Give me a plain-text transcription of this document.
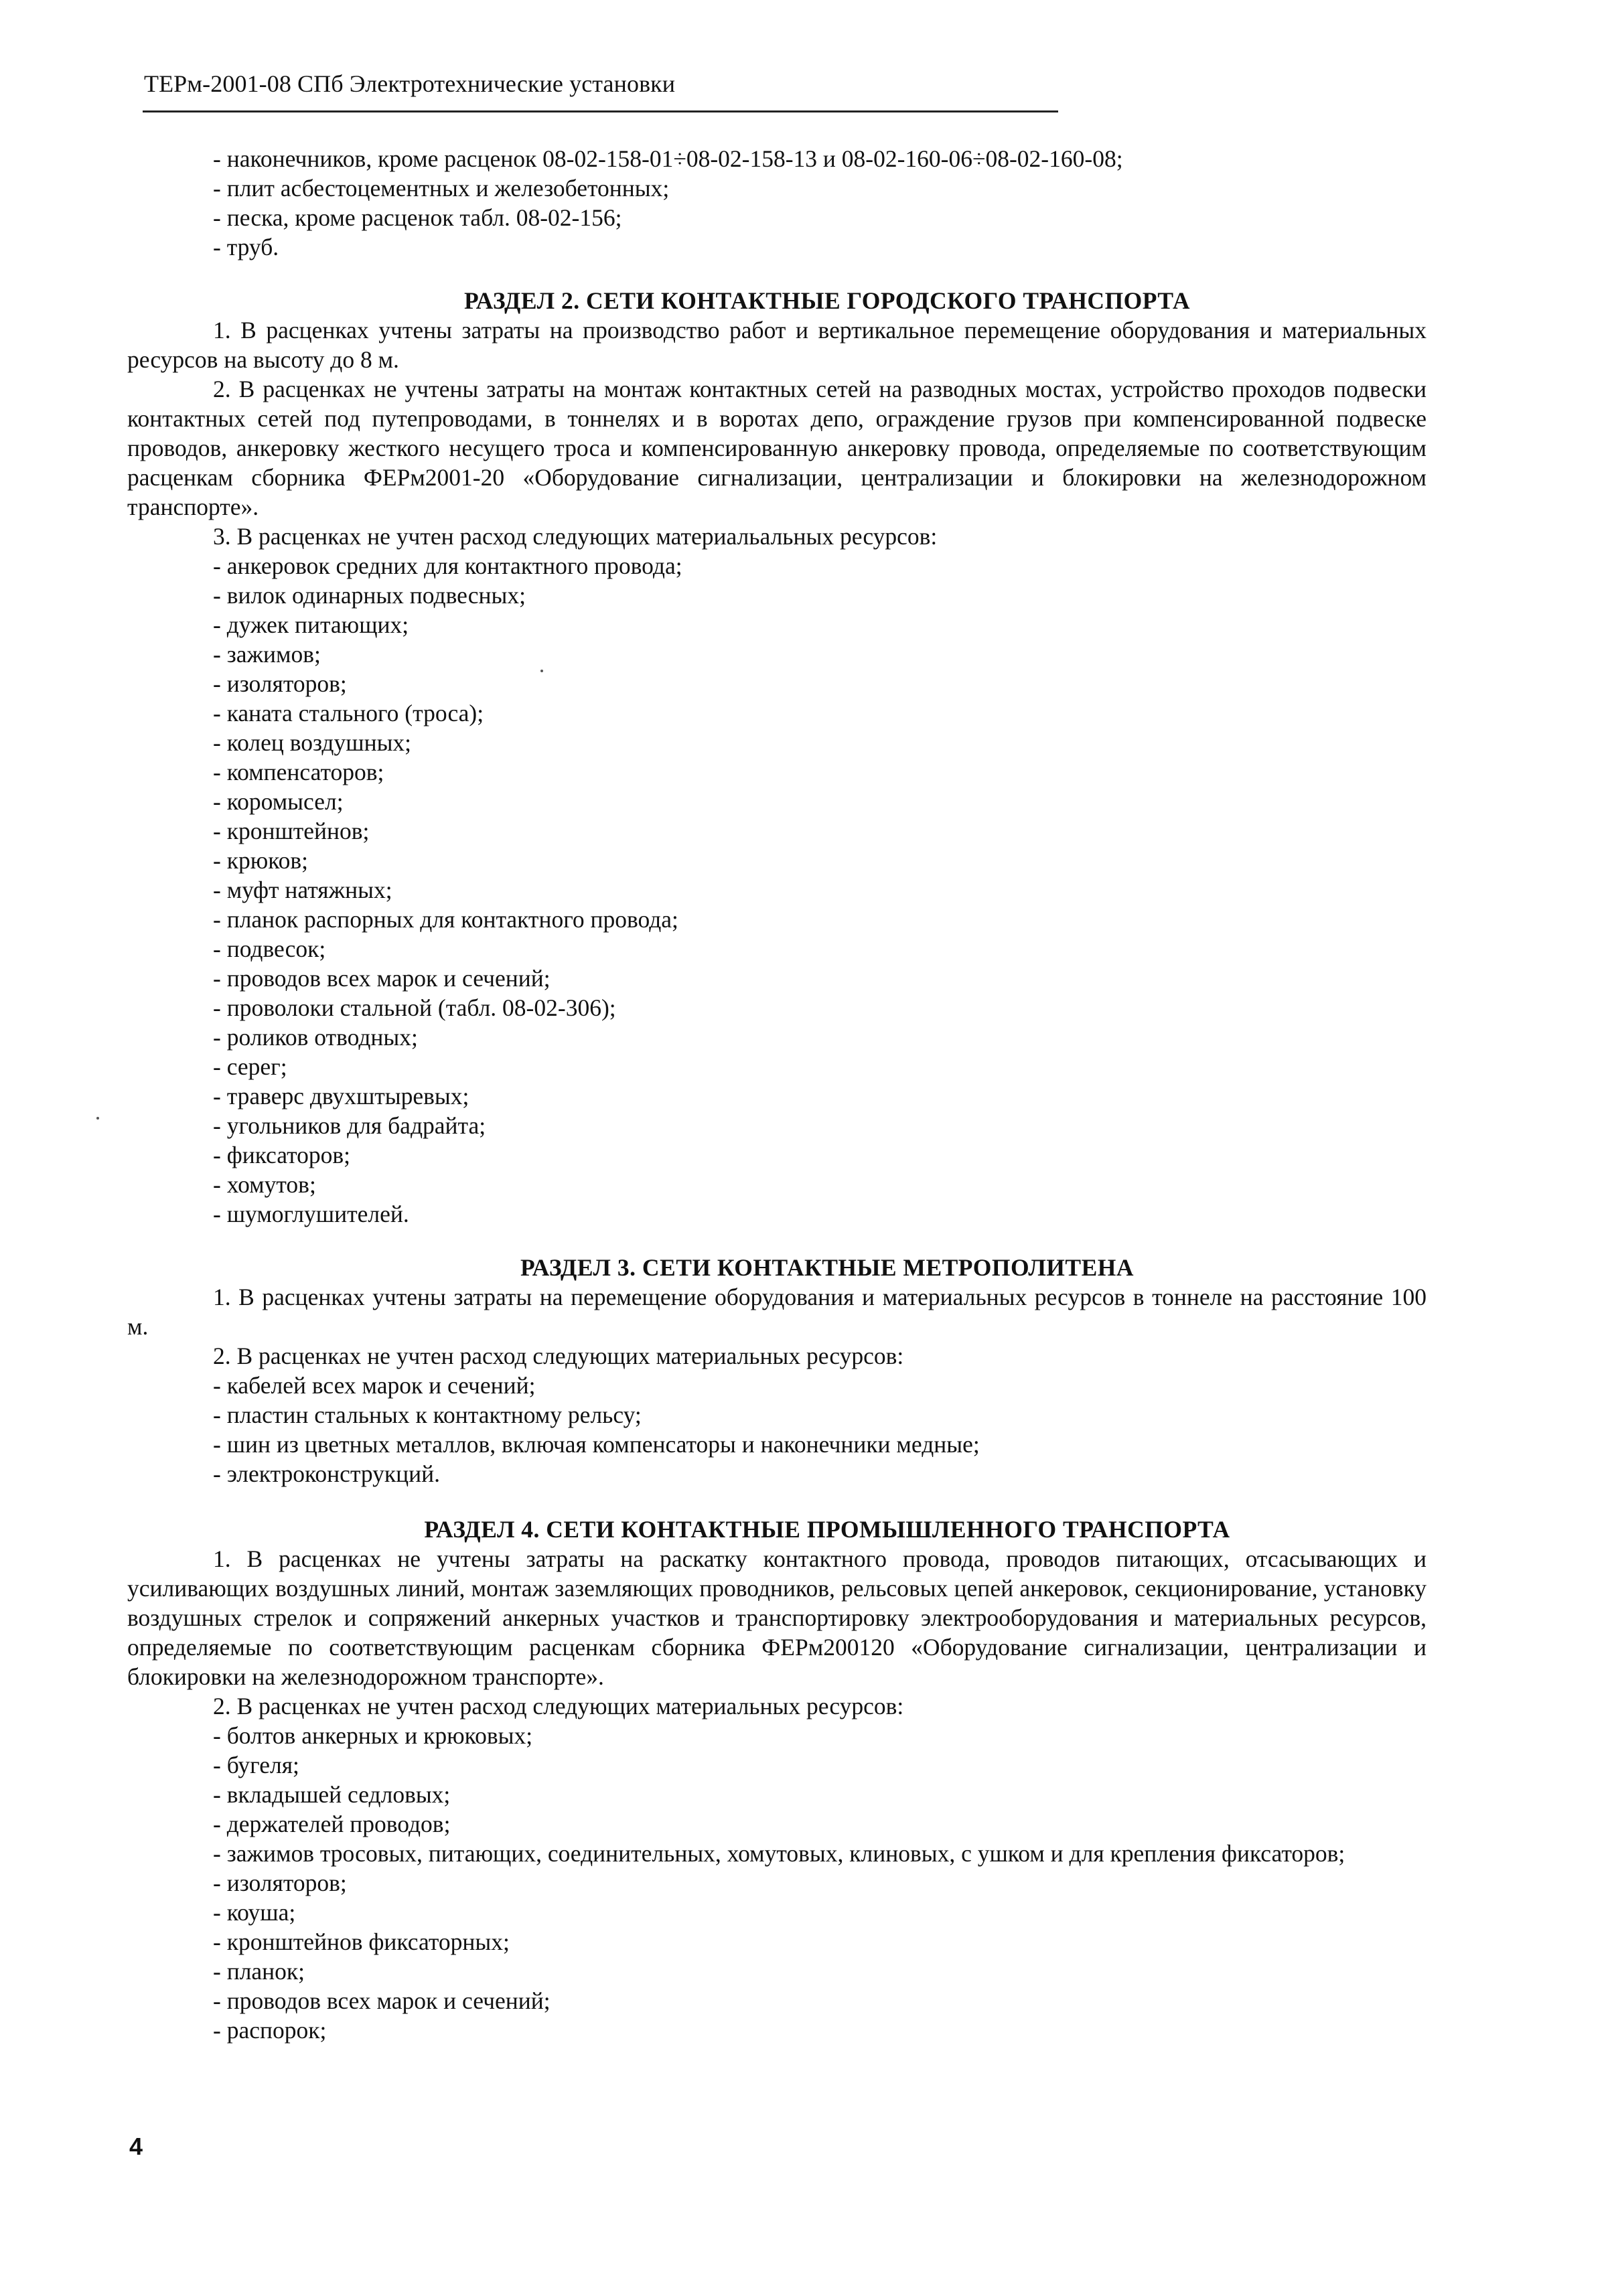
ТЕРм-2001-08 СПб Электротехнические установки

- наконечников, кроме расценок 08-02-158-01÷08-02-158-13 и 08-02-160-06÷08-02-160-08;

- плит асбестоцементных и железобетонных;

- песка, кроме расценок табл. 08-02-156;

- труб.

РАЗДЕЛ 2. СЕТИ КОНТАКТНЫЕ ГОРОДСКОГО ТРАНСПОРТА

1. В расценках учтены затраты на производство работ и вертикальное перемещение оборудования и материальных ресурсов на высоту до 8 м.

2. В расценках не учтены затраты на монтаж контактных сетей на разводных мостах, устройство проходов подвески контактных сетей под путепроводами, в тоннелях и в воротах депо, ограждение грузов при компенсированной подвеске проводов, анкеровку жесткого несущего троса и компенсированную анкеровку провода, определяемые по соответствующим расценкам сборника ФЕРм2001-20 «Оборудование сигнализации, централизации и блокировки на железнодорожном транспорте».

3. В расценках не учтен расход следующих материальальных ресурсов:

- анкеровок средних для контактного провода;

- вилок одинарных подвесных;

- дужек питающих;

- зажимов;

- изоляторов;

- каната стального (троса);

- колец воздушных;

- компенсаторов;

- коромысел;

- кронштейнов;

- крюков;

- муфт натяжных;

- планок распорных для контактного провода;

- подвесок;

- проводов всех марок и сечений;

- проволоки стальной (табл. 08-02-306);

- роликов отводных;

- серег;

- траверс двухштыревых;

- угольников для бадрайта;

- фиксаторов;

- хомутов;

- шумоглушителей.

РАЗДЕЛ 3. СЕТИ КОНТАКТНЫЕ МЕТРОПОЛИТЕНА

1. В расценках учтены затраты на перемещение оборудования и материальных ресурсов в тоннеле на расстояние 100 м.

2. В расценках не учтен расход следующих материальных ресурсов:

- кабелей всех марок и сечений;

- пластин стальных к контактному рельсу;

- шин из цветных металлов, включая компенсаторы и наконечники медные;

- электроконструкций.

РАЗДЕЛ 4. СЕТИ КОНТАКТНЫЕ ПРОМЫШЛЕННОГО ТРАНСПОРТА

1. В расценках не учтены затраты на раскатку контактного провода, проводов питающих, отсасывающих и усиливающих воздушных линий, монтаж заземляющих проводников, рельсовых цепей анкеровок, секционирование, установку воздушных стрелок и сопряжений анкерных участков и транспортировку электрооборудования и материальных ресурсов, определяемые по соответствующим расценкам сборника ФЕРм200120 «Оборудование сигнализации, централизации и блокировки на железнодорожном транспорте».

2. В расценках не учтен расход следующих материальных ресурсов:

- болтов анкерных и крюковых;

- бугеля;

- вкладышей седловых;

- держателей проводов;

- зажимов тросовых, питающих, соединительных, хомутовых, клиновых, с ушком и для крепления фиксаторов;

- изоляторов;

- коуша;

- кронштейнов фиксаторных;

- планок;

- проводов всех марок и сечений;

- распорок;

4
